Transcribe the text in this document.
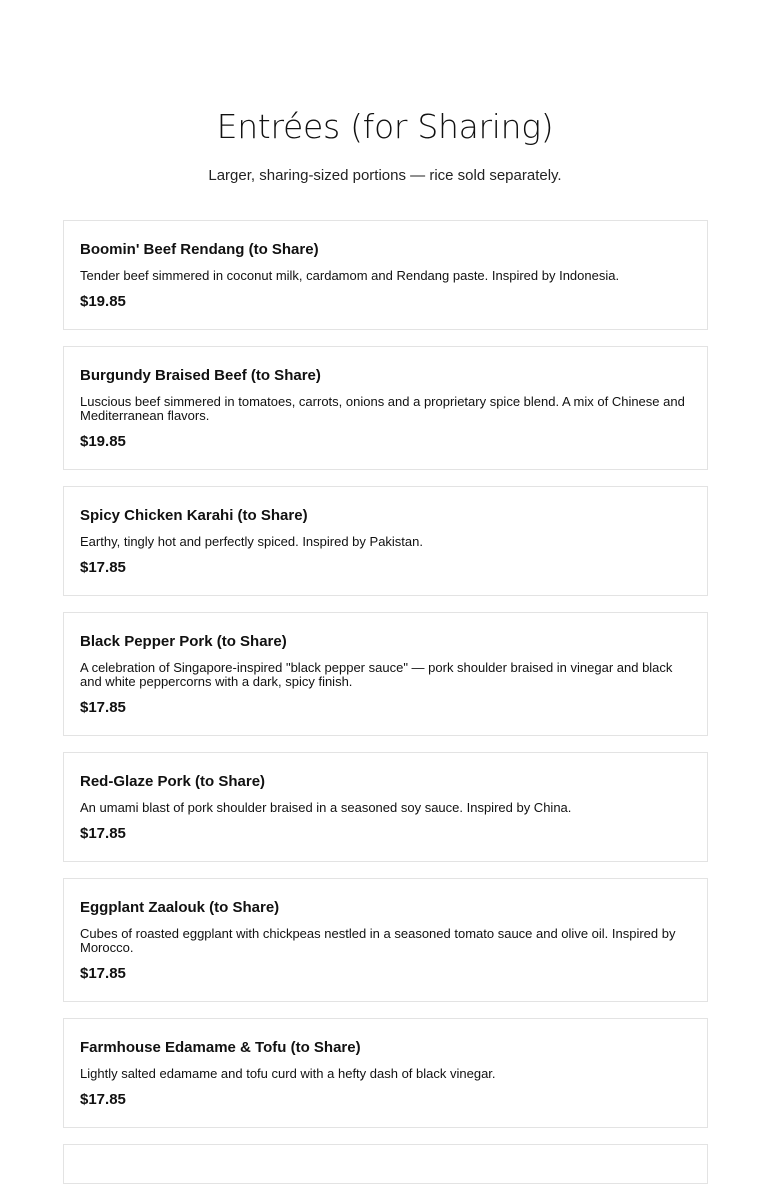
Entrées (for Sharing)
Larger, sharing-sized portions — rice sold separately.
Boomin' Beef Rendang (to Share)
Tender beef simmered in coconut milk, cardamom and Rendang paste. Inspired by Indonesia.
$19.85
Burgundy Braised Beef (to Share)
Luscious beef simmered in tomatoes, carrots, onions and a proprietary spice blend. A mix of Chinese and Mediterranean flavors.
$19.85
Spicy Chicken Karahi (to Share)
Earthy, tingly hot and perfectly spiced. Inspired by Pakistan.
$17.85
Black Pepper Pork (to Share)
A celebration of Singapore-inspired "black pepper sauce" — pork shoulder braised in vinegar and black and white peppercorns with a dark, spicy finish.
$17.85
Red-Glaze Pork (to Share)
An umami blast of pork shoulder braised in a seasoned soy sauce. Inspired by China.
$17.85
Eggplant Zaalouk (to Share)
Cubes of roasted eggplant with chickpeas nestled in a seasoned tomato sauce and olive oil. Inspired by Morocco.
$17.85
Farmhouse Edamame & Tofu (to Share)
Lightly salted edamame and tofu curd with a hefty dash of black vinegar.
$17.85
